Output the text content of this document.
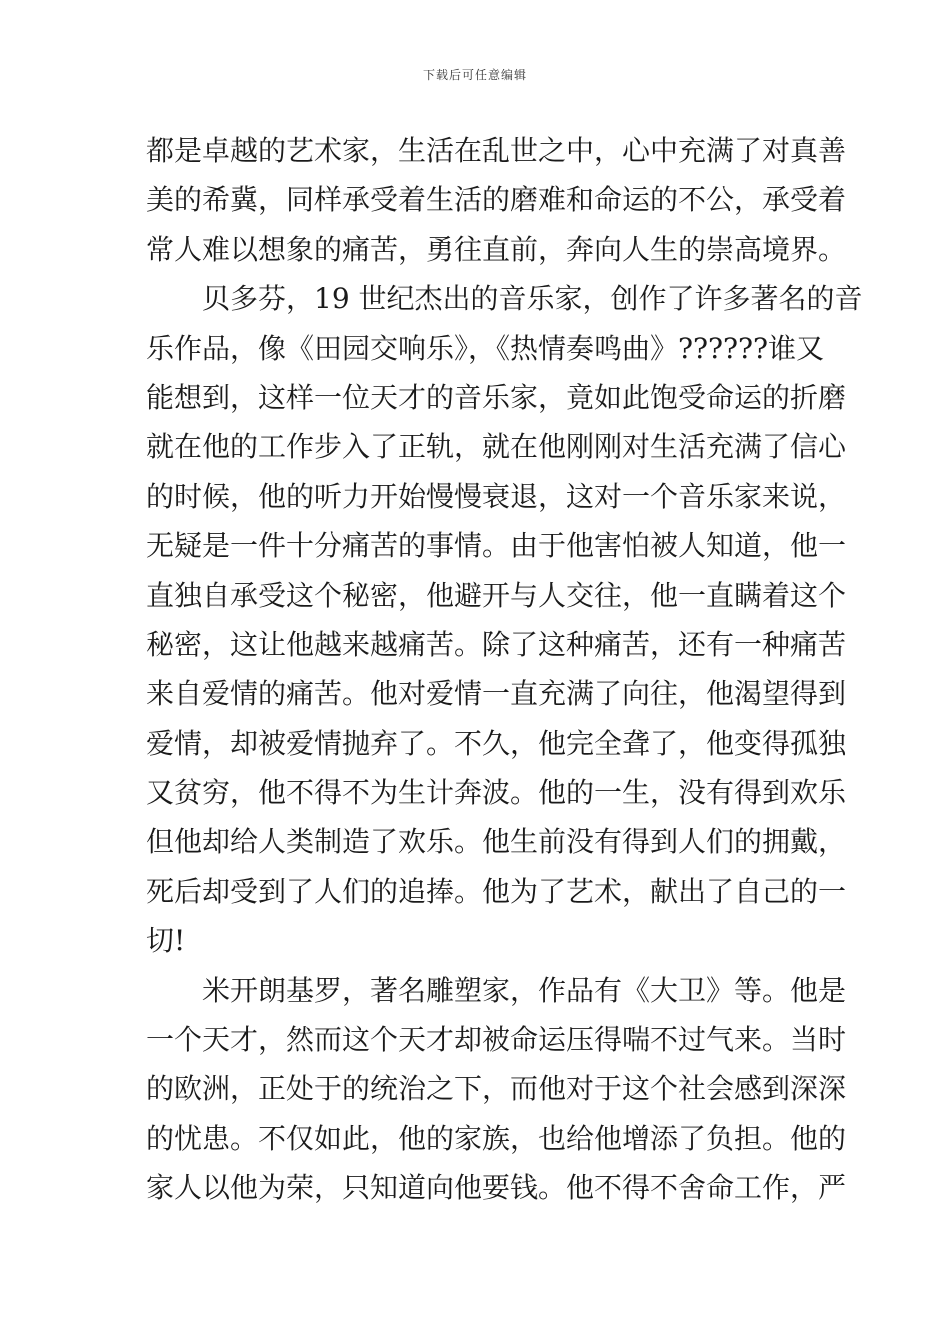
下载后可任意编辑
都是卓越的艺术家，生活在乱世之中，心中充满了对真善
美的希冀，同样承受着生活的磨难和命运的不公，承受着
常人难以想象的痛苦，勇往直前，奔向人生的崇高境界。
贝多芬，19 世纪杰出的音乐家，创作了许多著名的音
乐作品，像《田园交响乐》，《热情奏鸣曲》??????谁又
能想到，这样一位天才的音乐家，竟如此饱受命运的折磨
就在他的工作步入了正轨，就在他刚刚对生活充满了信心
的时候，他的听力开始慢慢衰退，这对一个音乐家来说，
无疑是一件十分痛苦的事情。由于他害怕被人知道，他一
直独自承受这个秘密，他避开与人交往，他一直瞒着这个
秘密，这让他越来越痛苦。除了这种痛苦，还有一种痛苦
来自爱情的痛苦。他对爱情一直充满了向往，他渴望得到
爱情，却被爱情抛弃了。不久，他完全聋了，他变得孤独
又贫穷，他不得不为生计奔波。他的一生，没有得到欢乐
但他却给人类制造了欢乐。他生前没有得到人们的拥戴，
死后却受到了人们的追捧。他为了艺术，献出了自己的一
切!
米开朗基罗，著名雕塑家，作品有《大卫》等。他是
一个天才，然而这个天才却被命运压得喘不过气来。当时
的欧洲，正处于的统治之下，而他对于这个社会感到深深
的忧患。不仅如此，他的家族，也给他增添了负担。他的
家人以他为荣，只知道向他要钱。他不得不舍命工作，严
